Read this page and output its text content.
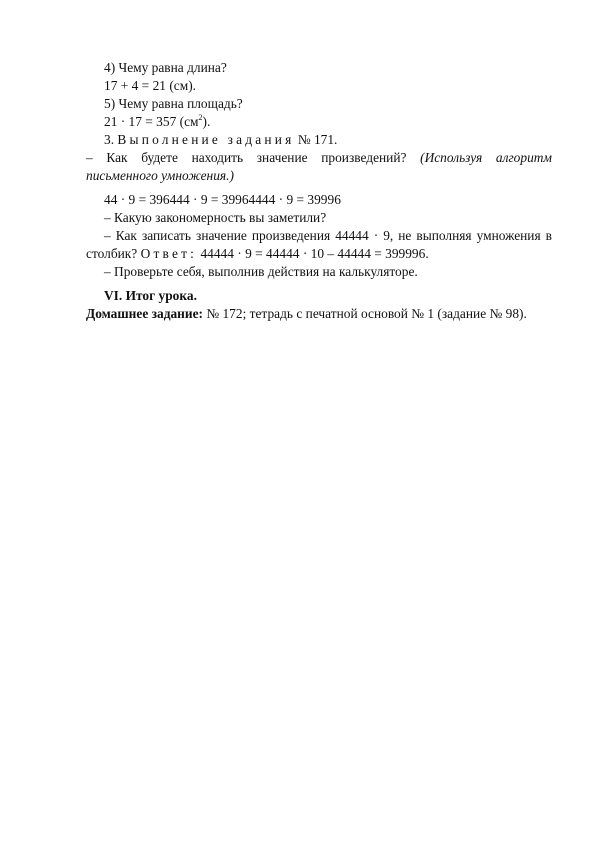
4) Чему равна длина?
17 + 4 = 21 (см).
5) Чему равна площадь?
21 · 17 = 357 $(см^2)$.
3. Выполнение задания № 171.
– Как будете находить значение произведений? (Используя алгоритм
письменного умножения.)
44 · 9 = 396444 · 9 = 39964444 · 9 = 39996
– Какую закономерность вы заметили?
– Как записать значение произведения 44444 · 9, не выполняя умножения в
столбик? Ответ: 44444 · 9 = 44444 · 10 – 44444 = 399996.
– Проверьте себя, выполнив действия на калькуляторе.
VI. Итог урока.
Домашнее задание: № 172; тетрадь с печатной основой № 1 (задание № 98).
